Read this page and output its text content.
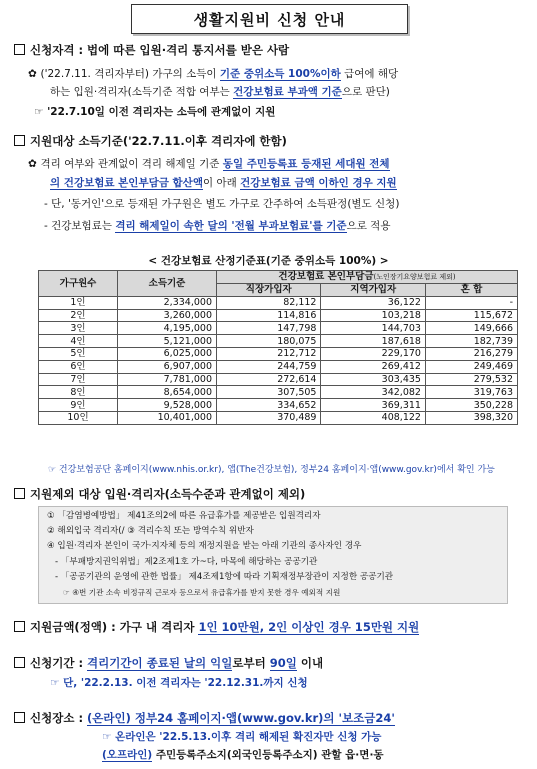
생활지원비 신청 안내
신청자격 : 법에 따른 입원·격리 통지서를 받은 사람
✿ ('22.7.11. 격리자부터) 가구의 소득이 기준 중위소득 100%이하 급여에 해당
하는 입원·격리자(소득기준 적합 여부는 건강보험료 부과액 기준으로 판단)
☞ '22.7.10일 이전 격리자는 소득에 관계없이 지원
지원대상 소득기준('22.7.11.이후 격리자에 한함)
✿ 격리 여부와 관계없이 격리 해제일 기준 동일 주민등록표 등재된 세대원 전체
의 건강보험료 본인부담금 합산액이 아래 건강보험료 금액 이하인 경우 지원
- 단, '동거인'으로 등재된 가구원은 별도 가구로 간주하여 소득판정(별도 신청)
- 건강보험료는 격리 해제일이 속한 달의 '전월 부과보험료'를 기준으로 적용
< 건강보험료 산정기준표(기준 중위소득 100%) >
가구원수	소득기준	건강보험료 본인부담금(노인장기요양보험료 제외)		
		직장가입자	지역가입자	혼 합
1인	2,334,000	82,112	36,122	-
2인	3,260,000	114,816	103,218	115,672
3인	4,195,000	147,798	144,703	149,666
4인	5,121,000	180,075	187,618	182,739
5인	6,025,000	212,712	229,170	216,279
6인	6,907,000	244,759	269,412	249,469
7인	7,781,000	272,614	303,435	279,532
8인	8,654,000	307,505	342,082	319,763
9인	9,528,000	334,652	369,311	350,228
10인	10,401,000	370,489	408,122	398,320
☞ 건강보험공단 홈페이지(www.nhis.or.kr), 앱(The건강보험), 정부24 홈페이지·앱(www.gov.kr)에서 확인 가능
지원제외 대상 입원·격리자(소득수준과 관계없이 제외)
① 「감염병예방법」 제41조의2에 따른 유급휴가를 제공받은 입원격리자
② 해외입국 격리자(/ ③ 격리수칙 또는 방역수칙 위반자
④ 입원·격리자 본인이 국가·지자체 등의 재정지원을 받는 아래 기관의 종사자인 경우
- 「부패방지권익위법」제2조제1호 가~다, 마목에 해당하는 공공기관
- 「공공기관의 운영에 관한 법률」 제4조제1항에 따라 기획재정부장관이 지정한 공공기관
☞ ④번 기관 소속 비정규직 근로자 등으로서 유급휴가를 받지 못한 경우 예외적 지원
지원금액(정액) : 가구 내 격리자 1인 10만원, 2인 이상인 경우 15만원 지원
신청기간 : 격리기간이 종료된 날의 익일로부터 90일 이내
☞ 단, '22.2.13. 이전 격리자는 '22.12.31.까지 신청
신청장소 : (온라인) 정부24 홈페이지·앱(www.gov.kr)의 '보조금24'
☞ 온라인은 '22.5.13.이후 격리 해제된 확진자만 신청 가능
(오프라인) 주민등록주소지(외국인등록주소지) 관할 읍·면·동
